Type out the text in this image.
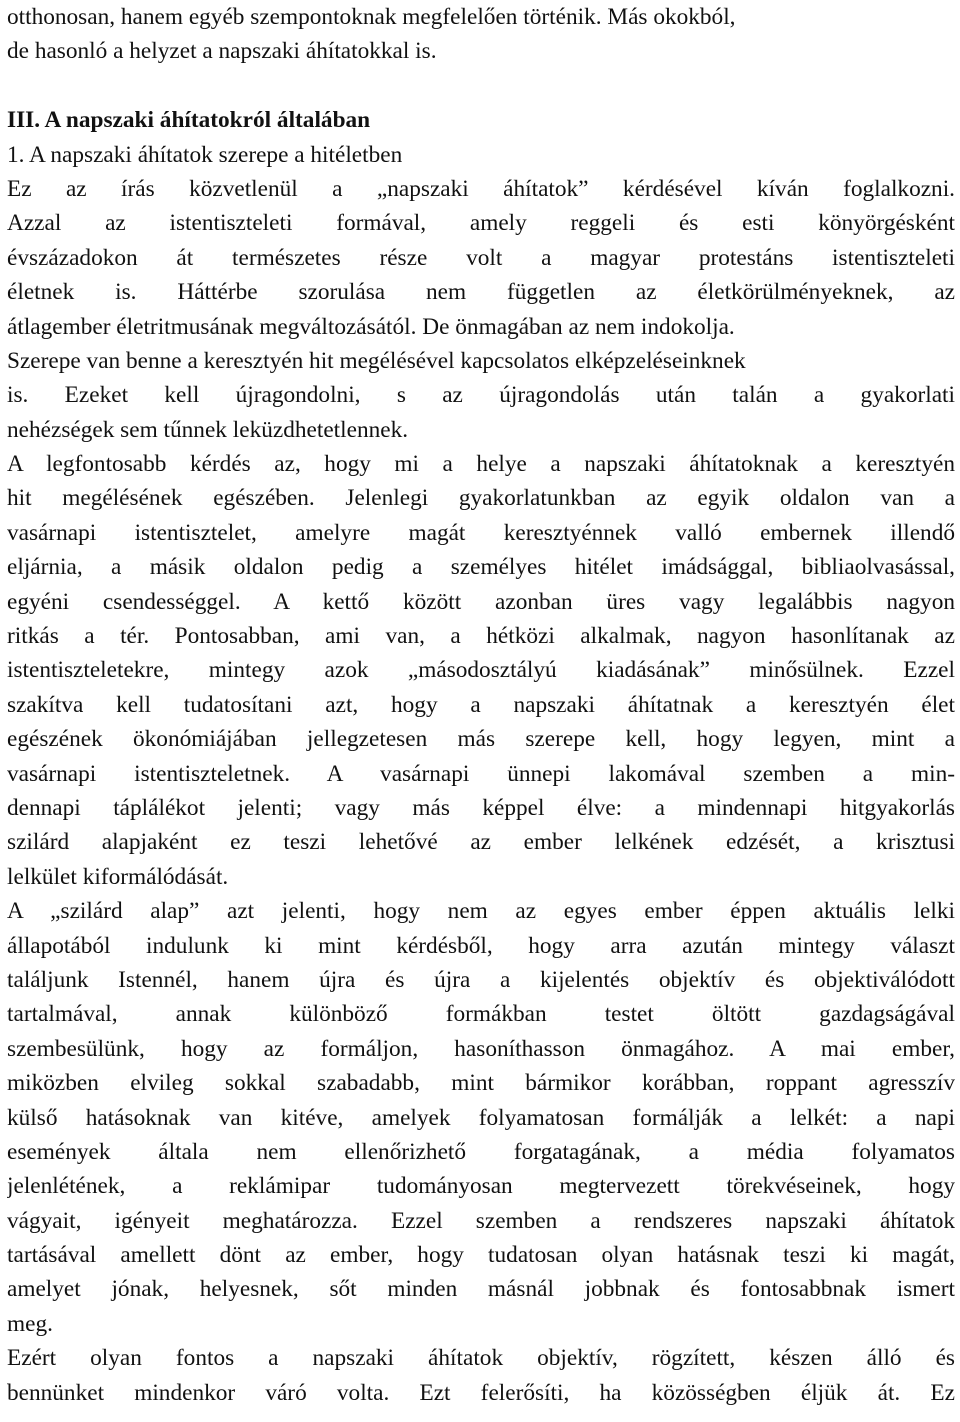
otthonosan, hanem egyéb szempontoknak megfelelően történik. Más okokból,
de hasonló a helyzet a napszaki áhítatokkal is.
III. A napszaki áhítatokról általában
1. A napszaki áhítatok szerepe a hitéletben
Ez az írás közvetlenül a „napszaki áhítatok” kérdésével kíván foglalkozni.
Azzal az istentiszteleti formával, amely reggeli és esti könyörgésként
évszázadokon át természetes része volt a magyar protestáns istentiszteleti
életnek is. Háttérbe szorulása nem független az életkörülményeknek, az
átlagember életritmusának megváltozásától. De önmagában az nem indokolja.
Szerepe van benne a keresztyén hit megélésével kapcsolatos elképzeléseinknek
is. Ezeket kell újragondolni, s az újragondolás után talán a gyakorlati
nehézségek sem tűnnek leküzdhetetlennek.
A legfontosabb kérdés az, hogy mi a helye a napszaki áhítatoknak a keresztyén
hit megélésének egészében. Jelenlegi gyakorlatunkban az egyik oldalon van a
vasárnapi istentisztelet, amelyre magát keresztyénnek valló embernek illendő
eljárnia, a másik oldalon pedig a személyes hitélet imádsággal, bibliaolvasással,
egyéni csendességgel. A kettő között azonban üres vagy legalábbis nagyon
ritkás a tér. Pontosabban, ami van, a hétközi alkalmak, nagyon hasonlítanak az
istentiszteletekre, mintegy azok „másodosztályú kiadásának” minősülnek. Ezzel
szakítva kell tudatosítani azt, hogy a napszaki áhítatnak a keresztyén élet
egészének ökonómiájában jellegzetesen más szerepe kell, hogy legyen, mint a
vasárnapi istentiszteletnek. A vasárnapi ünnepi lakomával szemben a min-
dennapi táplálékot jelenti; vagy más képpel élve: a mindennapi hitgyakorlás
szilárd alapjaként ez teszi lehetővé az ember lelkének edzését, a krisztusi
lelkület kiformálódását.
A „szilárd alap” azt jelenti, hogy nem az egyes ember éppen aktuális lelki
állapotából indulunk ki mint kérdésből, hogy arra azután mintegy választ
találjunk Istennél, hanem újra és újra a kijelentés objektív és objektiválódott
tartalmával, annak különböző formákban testet öltött gazdagságával
szembesülünk, hogy az formáljon, hasoníthasson önmagához. A mai ember,
miközben elvileg sokkal szabadabb, mint bármikor korábban, roppant agresszív
külső hatásoknak van kitéve, amelyek folyamatosan formálják a lelkét: a napi
események általa nem ellenőrizhető forgatagának, a média folyamatos
jelenlétének, a reklámipar tudományosan megtervezett törekvéseinek, hogy
vágyait, igényeit meghatározza. Ezzel szemben a rendszeres napszaki áhítatok
tartásával amellett dönt az ember, hogy tudatosan olyan hatásnak teszi ki magát,
amelyet jónak, helyesnek, sőt minden másnál jobbnak és fontosabbnak ismert
meg.
Ezért olyan fontos a napszaki áhítatok objektív, rögzített, készen álló és
bennünket mindenkor váró volta. Ezt felerősíti, ha közösségben éljük át. Ez
